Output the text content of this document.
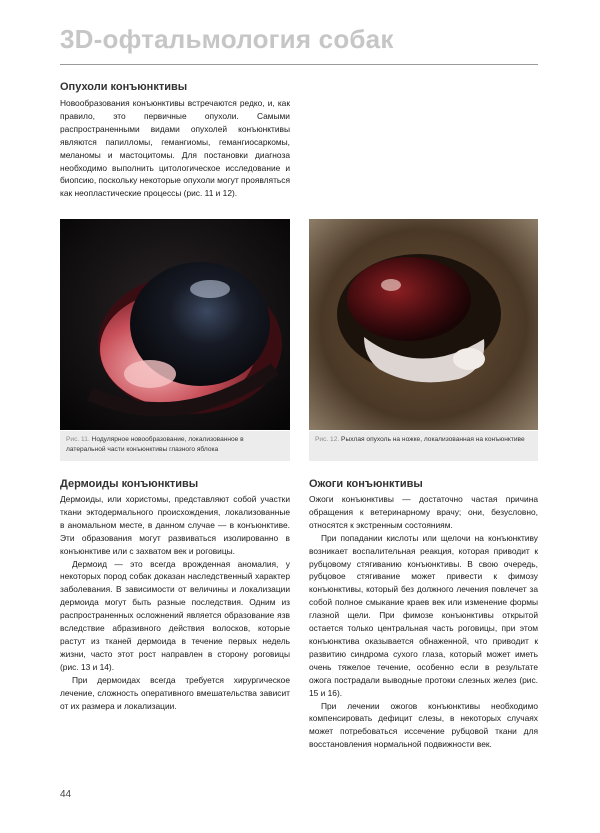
3D-офтальмология собак
Опухоли конъюнктивы

Новообразования конъюнктивы встречаются редко, и, как правило, это первичные опухоли. Самыми распространенными видами опухолей конъюнктивы являются папилломы, гемангиомы, гемангиосаркомы, меланомы и мастоцитомы. Для постановки диагноза необходимо выполнить цитологическое исследование и биопсию, поскольку некоторые опухоли могут проявляться как неопластические процессы (рис. 11 и 12).

Рис. 11. Нодулярное новообразование, локализованное в латеральной части конъюнктивы глазного яблока
Рис. 12. Рыхлая опухоль на ножке, локализованная на конъюнктиве
Дермоиды конъюнктивы

Дермоиды, или хористомы, представляют собой участки ткани эктодермального происхождения, локализованные в аномальном месте, в данном случае — в конъюнктиве. Эти образования могут развиваться изолированно в конъюнктиве или с захватом век и роговицы.

Дермоид — это всегда врожденная аномалия, у некоторых пород собак доказан наследственный характер заболевания. В зависимости от величины и локализации дермоида могут быть разные последствия. Одним из распространенных осложнений является образование язв вследствие абразивного действия волосков, которые растут из тканей дермоида в течение первых недель жизни, часто этот рост направлен в сторону роговицы (рис. 13 и 14).

При дермоидах всегда требуется хирургическое лечение, сложность оперативного вмешательства зависит от их размера и локализации.

Ожоги конъюнктивы

Ожоги конъюнктивы — достаточно частая причина обращения к ветеринарному врачу; они, безусловно, относятся к экстренным состояниям.

При попадании кислоты или щелочи на конъюнктиву возникает воспалительная реакция, которая приводит к рубцовому стягиванию конъюнктивы. В свою очередь, рубцовое стягивание может привести к фимозу конъюнктивы, который без должного лечения повлечет за собой полное смыкание краев век или изменение формы глазной щели. При фимозе конъюнктивы открытой остается только центральная часть роговицы, при этом конъюнктива оказывается обнаженной, что приводит к развитию синдрома сухого глаза, который может иметь очень тяжелое течение, особенно если в результате ожога пострадали выводные протоки слезных желез (рис. 15 и 16).

При лечении ожогов конъюнктивы необходимо компенсировать дефицит слезы, в некоторых случаях может потребоваться иссечение рубцовой ткани для восстановления нормальной подвижности век.

44
